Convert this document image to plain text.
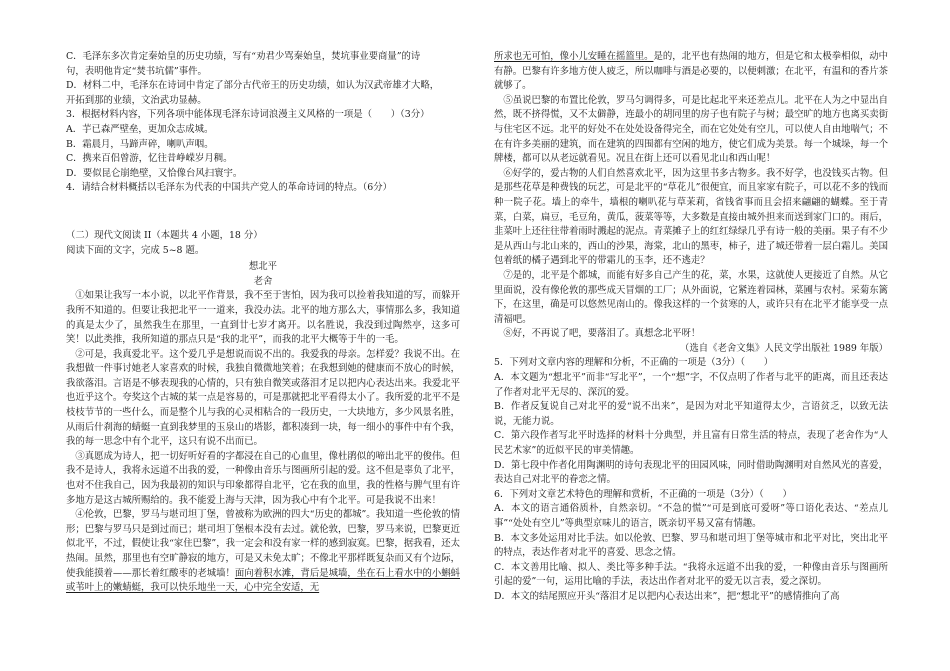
C．毛泽东多次肯定秦始皇的历史功绩，写有“劝君少骂秦始皇，焚坑事业要商量”的诗

句，表明他肯定“焚书坑儒”事件。

D．材料二中，毛泽东在诗词中肯定了部分古代帝王的历史功绩，如认为汉武帝雄才大略，

开拓到那的业绩，文治武功显赫。

3．根据材料内容，下列各项中能体现毛泽东诗词浪漫主义风格的一项是（　　）（3分）

A．芋已森严壁垒，更加众志成城。

B．霜晨月，马蹄声碎，喇叭声咽。

C．携来百侣曾游，忆往昔峥嵘岁月稠。

D．要似昆仑崩绝壁，又恰像台风扫寰宇。

4．请结合材料概括以毛泽东为代表的中国共产党人的革命诗词的特点。（6分）

（二）现代文阅读 II（本题共 4 小题，18 分）

阅读下面的文字，完成 5~8 题。

想北平

老舍

①如果让我写一本小说，以北平作背景，我不至于害怕，因为我可以捡着我知道的写，而躲开我所不知道的。但要让我把北平一一道来，我没办法。北平的地方那么大，事情那么多，我知道的真是太少了，虽然我生在那里，一直到廿七岁才离开。以名胜说，我没到过陶然亭，这多可笑！以此类推，我所知道的那点只是“我的北平”，而我的北平大概等于牛的一毛。

②可是，我真爱北平。这个爱几乎是想说而说不出的。我爱我的母亲。怎样爱？我说不出。在我想做一件事讨她老人家喜欢的时候，我独自微微地笑着；在我想到她的健康而不放心的时候，我欲落泪。言语是不够表现我的心情的，只有独自微笑或落泪才足以把内心表达出来。我爱北平也近乎这个。夸奖这个古城的某一点是容易的，可是那就把北平看得太小了。我所爱的北平不是枝枝节节的一些什么，而是整个儿与我的心灵相粘合的一段历史，一大块地方，多少风景名胜，从雨后什刹海的蜻蜓一直到我梦里的玉泉山的塔影，都积凑到一块，每一细小的事件中有个我，我的每一思念中有个北平，这只有说不出而已。

③真愿成为诗人，把一切好听好看的字都浸在自己的心血里，像杜鹃似的啼出北平的俊伟。但我不是诗人，我将永远道不出我的爱，一种像由音乐与图画所引起的爱。这不但是辜负了北平，也对不住我自己，因为我最初的知识与印象都得自北平，它在我的血里，我的性格与脾气里有许多地方是这古城所赐给的。我不能爱上海与天津，因为我心中有个北平。可是我说不出来！

④伦敦，巴黎，罗马与堪司坦丁堡，曾被称为欧洲的四大“历史的都城”。我知道一些伦敦的情形；巴黎与罗马只是到过而已；堪司坦丁堡根本没有去过。就伦敦，巴黎，罗马来说，巴黎更近似北平，不过，假使让我“家住巴黎”，我一定会和没有家一样的感到寂寞。巴黎，据我看，还太热闹。虽然，那里也有空旷静寂的地方，可是又未免太旷；不像北平那样既复杂而又有个边际，使我能摸着——那长着红酸枣的老城墙！面向着积水滩，背后是城墙，坐在石上看水中的小蝌蚪或苇叶上的嫩蜻蜓，我可以快乐地坐一天，心中完全安适，无

所求也无可怕，像小儿安睡在摇篮里。是的，北平也有热闹的地方，但是它和太极拳相似，动中有静。巴黎有许多地方使人疲乏，所以咖啡与酒是必要的，以便刺激；在北平，有温和的香片茶就够了。

⑤虽说巴黎的布置比伦敦，罗马匀调得多，可是比起北平来还差点儿。北平在人为之中显出自然，既不挤得慌，又不太僻静，连最小的胡同里的房子也有院子与树；最空旷的地方也离买卖街与住宅区不远。北平的好处不在处处设备得完全，而在它处处有空儿，可以使人自由地喘气；不在有许多美丽的建筑，而在建筑的四围都有空闲的地方，使它们成为美景。每一个城垛，每一个牌楼，都可以从老远就看见。况且在街上还可以看见北山和西山呢！

⑥好学的，爱古物的人们自然喜欢北平，因为这里书多古物多。我不好学，也没钱买古物。但是那些花草是种费钱的玩艺，可是北平的“草花儿”很便宜，而且家家有院子，可以花不多的钱而种一院子花。墙上的牵牛，墙根的喇叭花与草茉莉，省钱省事而且会招来翩翩的蝴蝶。至于青菜，白菜，扁豆，毛豆角，黄瓜，菠菜等等，大多数是直接由城外担来而送到家门口的。雨后，韭菜叶上还往往带着雨时溅起的泥点。青菜摊子上的红红绿绿几乎有诗一般的美丽。果子有不少是从西山与北山来的，西山的沙果，海棠，北山的黑枣，柿子，进了城还带着一层白霜儿。美国包着纸的橘子遇到北平的带霜儿的玉李，还不逃走？

⑦是的，北平是个都城，而能有好多自己产生的花，菜，水果，这就使人更接近了自然。从它里面说，没有像伦敦的那些成天冒烟的工厂；从外面说，它紧连着园林，菜圃与农村。采菊东篱下，在这里，确是可以悠然见南山的。像我这样的一个贫寒的人，或许只有在北平才能享受一点清福吧。

⑧好，不再说了吧，要落泪了。真想念北平呀！

（选自《老舍文集》人民文学出版社 1989 年版）

5．下列对文章内容的理解和分析，不正确的一项是（3分）（　　）

A．本文题为“想北平”而非“写北平”，一个“想”字，不仅点明了作者与北平的距离，而且还表达了作者对北平无尽的、深沉的爱。

B．作者反复说自己对北平的爱“说不出来”，是因为对北平知道得太少，言语贫乏，以致无法说，无能力说。

C．第六段作者写北平时选择的材料十分典型，并且富有日常生活的特点，表现了老舍作为“人民艺术家”的近似平民的审美情趣。

D．第七段中作者化用陶渊明的诗句表现北平的田园风味，同时借助陶渊明对自然风光的喜爱，表达自己对北平的眷恋之情。

6．下列对文章艺术特色的理解和赏析，不正确的一项是（3分）（　　）

A．本文的语言通俗质朴，自然亲切。“不急的慌”“可是到底可爱呀”等口语化表达、“差点儿事”“处处有空儿”等典型京味儿的语言，既亲切平易又富有情趣。

B．本文多处运用对比手法。如以伦敦、巴黎、罗马和堪司坦丁堡等城市和北平对比，突出北平的特点，表达作者对北平的喜爱、思念之情。

C．本文善用比喻、拟人、类比等多种手法。“我将永远道不出我的爱，一种像由音乐与图画所引起的爱”一句，运用比喻的手法，表达出作者对北平的爱无以言表，爱之深切。

D．本文的结尾照应开头“落泪才足以把内心表达出来”，把“想北平”的感情推向了高
